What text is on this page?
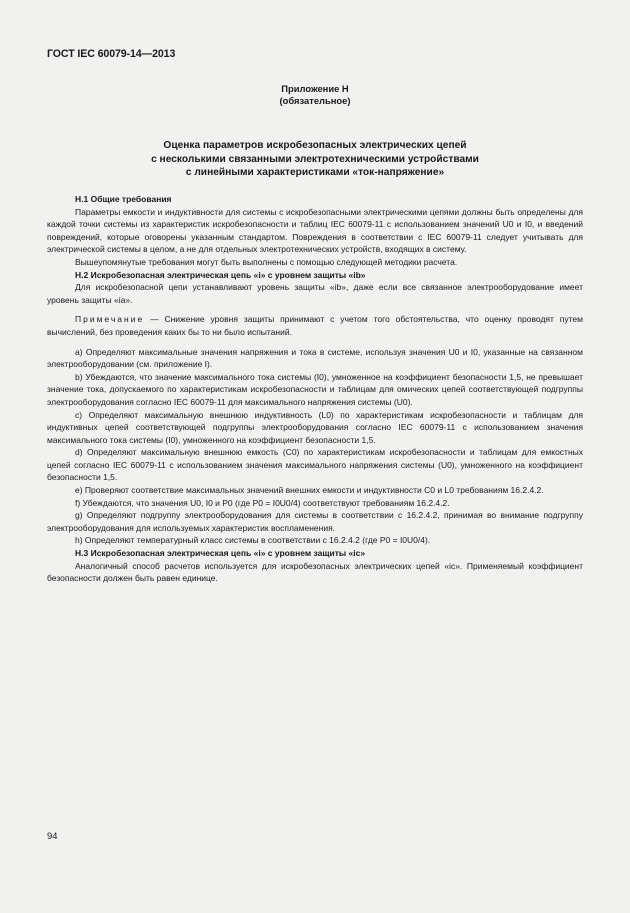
ГОСТ IEC 60079-14—2013
Приложение Н
(обязательное)
Оценка параметров искробезопасных электрических цепей
с несколькими связанными электротехническими устройствами
с линейными характеристиками «ток-напряжение»

Н.1 Общие требования

Параметры емкости и индуктивности для системы с искробезопасными электрическими цепями должны быть определены для каждой точки системы из характеристик искробезопасности и таблиц IEC 60079-11 с использованием значений U0 и I0, и введений повреждений, которые оговорены указанным стандартом. Повреждения в соответствии с IEC 60079-11 следует учитывать для электрической системы в целом, а не для отдельных электротехнических устройств, входящих в систему.

Вышеупомянутые требования могут быть выполнены с помощью следующей методики расчета.

Н.2 Искробезопасная электрическая цепь «i» с уровнем защиты «ib»

Для искробезопасной цепи устанавливают уровень защиты «ib», даже если все связанное электрооборудование имеет уровень защиты «ia».

Примечание — Снижение уровня защиты принимают с учетом того обстоятельства, что оценку проводят путем вычислений, без проведения каких бы то ни было испытаний.

a) Определяют максимальные значения напряжения и тока в системе, используя значения U0 и I0, указанные на связанном электрооборудовании (см. приложение I).

b) Убеждаются, что значение максимального тока системы (I0), умноженное на коэффициент безопасности 1,5, не превышает значение тока, допускаемого по характеристикам искробезопасности и таблицам для омических цепей соответствующей подгруппы электрооборудования согласно IEC 60079-11 для максимального напряжения системы (U0).

c) Определяют максимальную внешнюю индуктивность (L0) по характеристикам искробезопасности и таблицам для индуктивных цепей соответствующей подгруппы электрооборудования согласно IEC 60079-11 с использованием значения максимального тока системы (I0), умноженного на коэффициент безопасности 1,5.

d) Определяют максимальную внешнюю емкость (C0) по характеристикам искробезопасности и таблицам для емкостных цепей согласно IEC 60079-11 с использованием значения максимального напряжения системы (U0), умноженного на коэффициент безопасности 1,5.

e) Проверяют соответствие максимальных значений внешних емкости и индуктивности C0 и L0 требованиям 16.2.4.2.

f) Убеждаются, что значения U0, I0 и P0 (где P0 = I0U0/4) соответствуют требованиям 16.2.4.2.

g) Определяют подгруппу электрооборудования для системы в соответствии с 16.2.4.2, принимая во внимание подгруппу электрооборудования для используемых характеристик воспламенения.

h) Определяют температурный класс системы в соответствии с 16.2.4.2 (где P0 = I0U0/4).

Н.3 Искробезопасная электрическая цепь «i» с уровнем защиты «ic»

Аналогичный способ расчетов используется для искробезопасных электрических цепей «ic». Применяемый коэффициент безопасности должен быть равен единице.

94
